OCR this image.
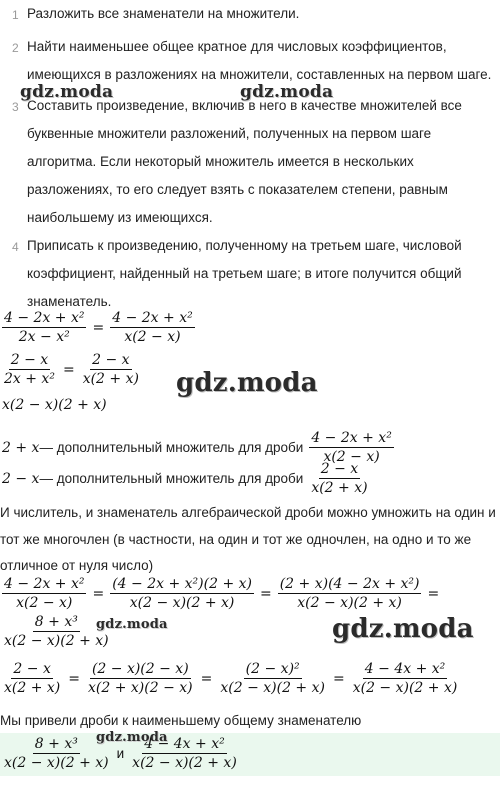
1 Разложить все знаменатели на множители.
2 Найти наименьшее общее кратное для числовых коэффициентов, имеющихся в разложениях на множители, составленных на первом шаге.
3 Составить произведение, включив в него в качестве множителей все буквенные множители разложений, полученных на первом шаге алгоритма. Если некоторый множитель имеется в нескольких разложениях, то его следует взять с показателем степени, равным наибольшему из имеющихся.
4 Приписать к произведению, полученному на третьем шаге, числовой коэффициент, найденный на третьем шаге; в итоге получится общий знаменатель.
$\frac{\text{4 − 2x + x²}}{\text{2x − x²}} = \frac{\text{4 − 2x + x²}}{x(2 - x)}$
$\frac{2 - x}{\text{2x + x²}} = \frac{2 - x}{x(2 + x)}$
x(2 − x)(2 + x)
2 + x — дополнительный множитель для дроби $\frac{\text{4 − 2x + x²}}{x(2 - x)}$
2 − x — дополнительный множитель для дроби $\frac{2 - x}{x(2 + x)}$
И числитель, и знаменатель алгебраической дроби можно умножить на один и
тот же многочлен (в частности, на один и тот же одночлен, на одно и то же
отличное от нуля число)
$\frac{\text{4 − 2x + x²}}{x(2 - x)} = \frac{\text{(4 − 2x + x²)(2 + x)}}{x(2 - x)(2 + x)} = \frac{\text{(2 + x)(4 − 2x + x²)}}{x(2 - x)(2 + x)}$ =
$\frac{\text{8 + x³}}{x(2 - x)(2 + x)}$
$\frac{2 - x}{x(2 + x)} = \frac{(2 - x)(2 - x)}{x(2 + x)(2 - x)} = \frac{\text{(2 − x)²}}{x(2 - x)(2 + x)} = \frac{\text{4 − 4x + x²}}{x(2 - x)(2 + x)}$
Мы привели дроби к наименьшему общему знаменателю
$\frac{\text{8 + x³}}{x(2 - x)(2 + x)}$ и $\frac{\text{4 − 4x + x²}}{x(2 - x)(2 + x)}$
gdz.moda	gdz.moda
gdz.moda
gdz.moda	gdz.moda
gdz.moda
